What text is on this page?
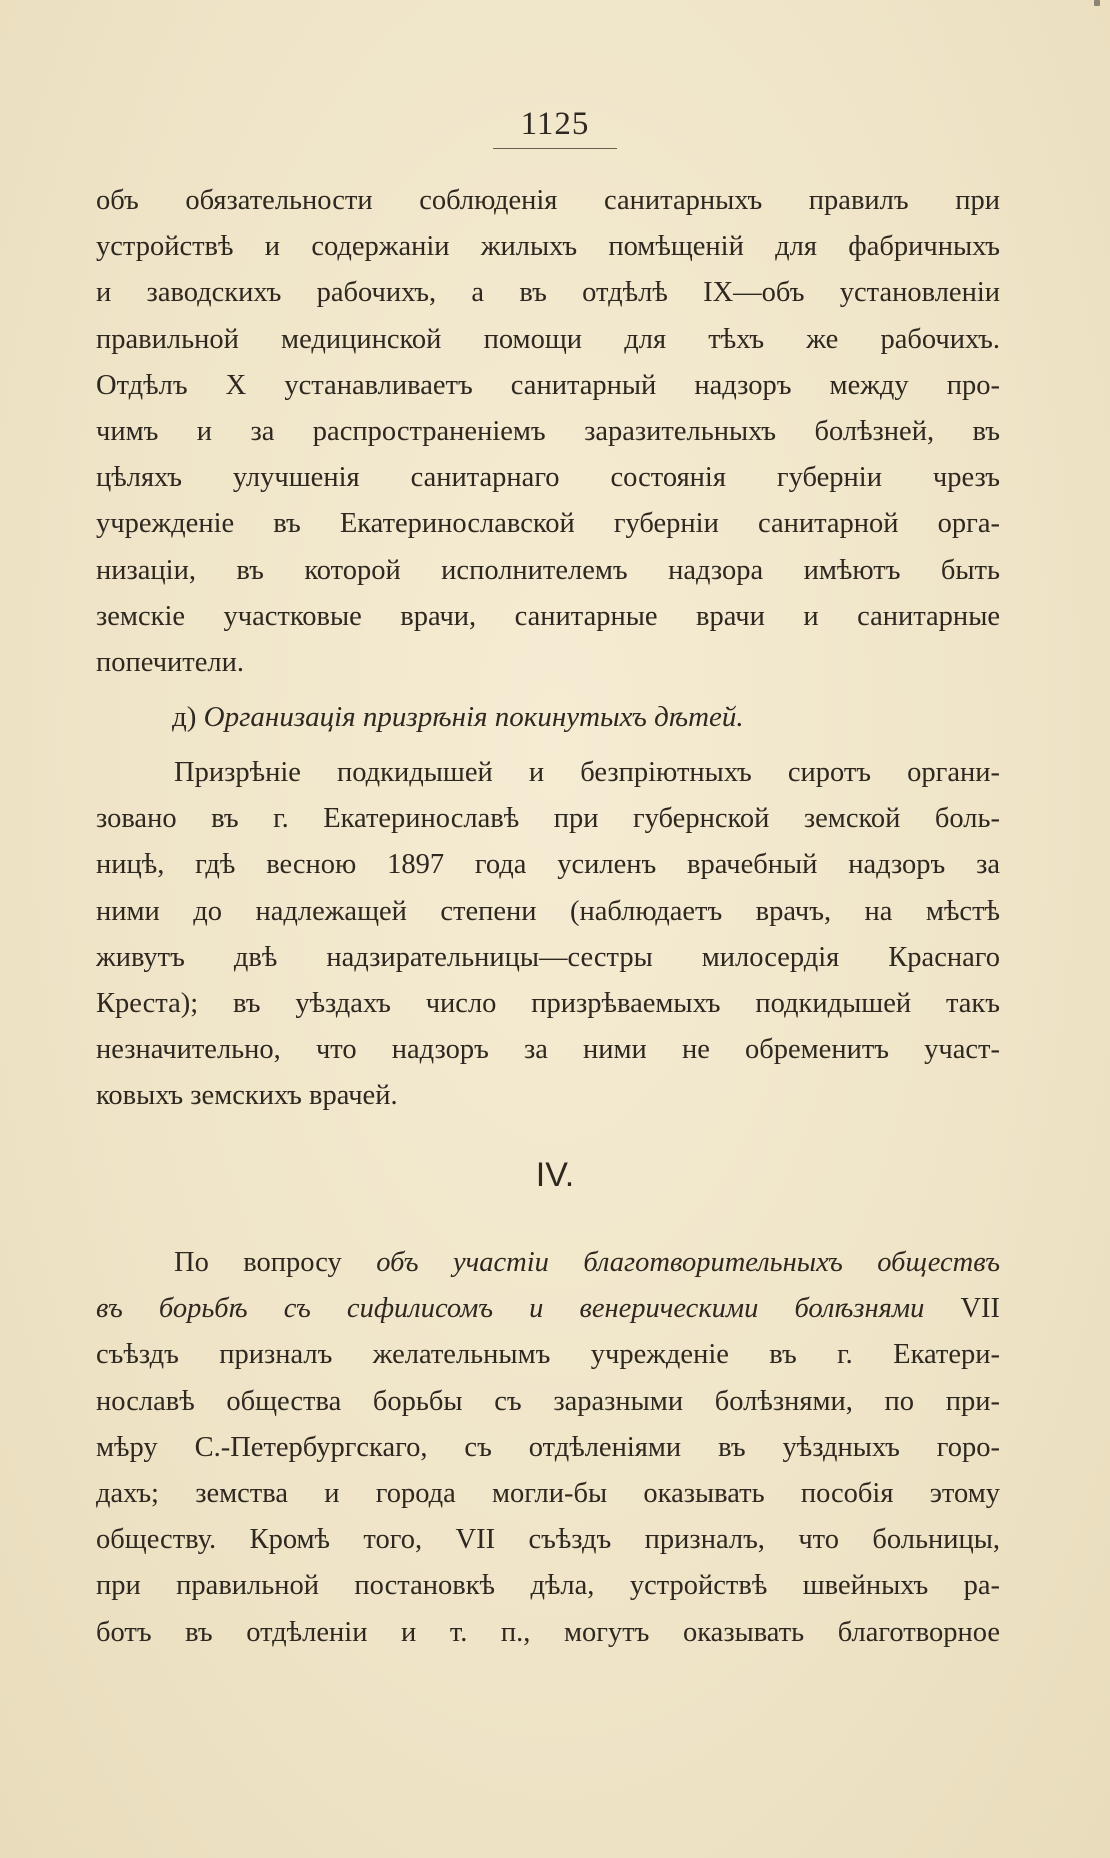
1125
объ обязательности соблюденія санитарныхъ правилъ при
устройствѣ и содержаніи жилыхъ помѣщеній для фабричныхъ
и заводскихъ рабочихъ, а въ отдѣлѣ IX—объ установленіи
правильной медицинской помощи для тѣхъ же рабочихъ.
Отдѣлъ X устанавливаетъ санитарный надзоръ между про-
чимъ и за распространеніемъ заразительныхъ болѣзней, въ
цѣляхъ улучшенія санитарнаго состоянія губерніи чрезъ
учрежденіе въ Екатеринославской губерніи санитарной орга-
низаціи, въ которой исполнителемъ надзора имѣютъ быть
земскіе участковые врачи, санитарные врачи и санитарные
попечители.
д) Организація призрѣнія покинутыхъ дѣтей.
Призрѣніе подкидышей и безпріютныхъ сиротъ органи-
зовано въ г. Екатеринославѣ при губернской земской боль-
ницѣ, гдѣ весною 1897 года усиленъ врачебный надзоръ за
ними до надлежащей степени (наблюдаетъ врачъ, на мѣстѣ
живутъ двѣ надзирательницы—сестры милосердія Краснаго
Креста); въ уѣздахъ число призрѣваемыхъ подкидышей такъ
незначительно, что надзоръ за ними не обременитъ участ-
ковыхъ земскихъ врачей.
IV.
По вопросу объ участіи благотворительныхъ обществъ
въ борьбѣ съ сифилисомъ и венерическими болѣзнями VII
съѣздъ призналъ желательнымъ учрежденіе въ г. Екатери-
нославѣ общества борьбы съ заразными болѣзнями, по при-
мѣру С.-Петербургскаго, съ отдѣленіями въ уѣздныхъ горо-
дахъ; земства и города могли-бы оказывать пособія этому
обществу. Кромѣ того, VII съѣздъ призналъ, что больницы,
при правильной постановкѣ дѣла, устройствѣ швейныхъ ра-
ботъ въ отдѣленіи и т. п., могутъ оказывать благотворное
